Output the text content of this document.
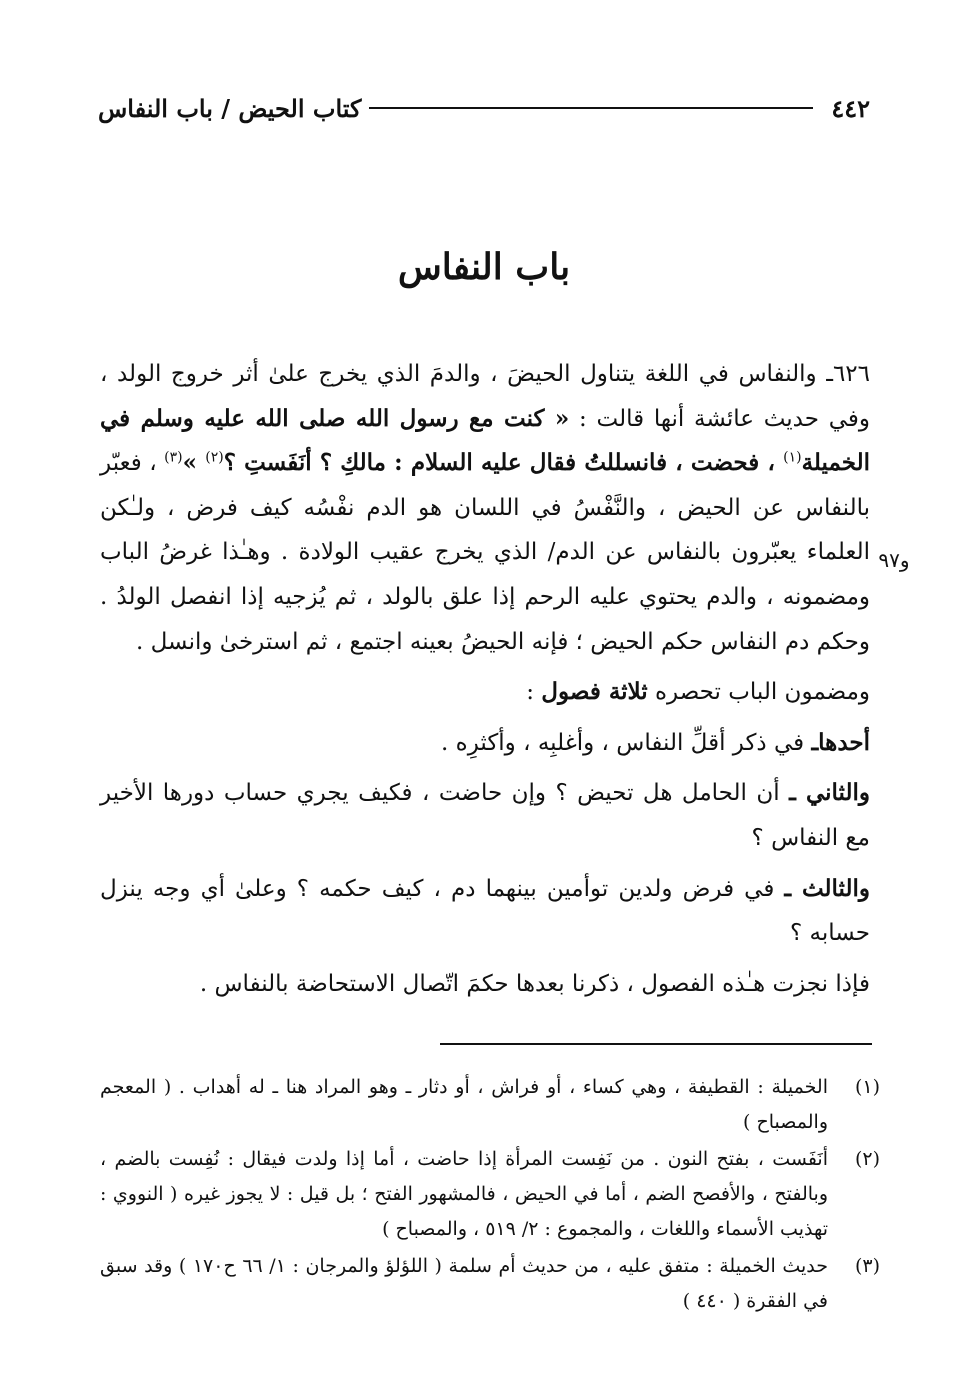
٤٤٢
كتاب الحيض / باب النفاس
باب النفاس
و٩٧

٦٢٦ـ والنفاس في اللغة يتناول الحيضَ ، والدمَ الذي يخرج علىٰ أثر خروج الولد ، وفي حديث عائشة أنها قالت : « كنت مع رسول الله صلى الله عليه وسلم في الخميلة$^{(١)}$ ، فحضت ، فانسللتُ فقال عليه السلام : مالكِ ؟ أنَفَستِ ؟$^{(٢)}$ »$^{(٣)}$ ، فعبّر بالنفاس عن الحيض ، والنَّفْسُ في اللسان هو الدم نفْسُه كيف فرض ، ولـٰكن العلماء يعبّرون بالنفاس عن الدم/ الذي يخرج عقيب الولادة . وهـٰذا غرضُ الباب ومضمونه ، والدم يحتوي عليه الرحم إذا علق بالولد ، ثم يُزجيه إذا انفصل الولدُ . وحكم دم النفاس حكم الحيض ؛ فإنه الحيضُ بعينه اجتمع ، ثم استرخىٰ وانسل .

ومضمون الباب تحصره ثلاثة فصول :

أحدهاـ في ذكر أقلِّ النفاس ، وأغلبِه ، وأكثرِه .

والثاني ـ أن الحامل هل تحيض ؟ وإن حاضت ، فكيف يجري حساب دورها الأخير مع النفاس ؟

والثالث ـ في فرض ولدين توأمين بينهما دم ، كيف حكمه ؟ وعلىٰ أي وجه ينزل حسابه ؟

فإذا نجزت هـٰذه الفصول ، ذكرنا بعدها حكمَ اتّصال الاستحاضة بالنفاس .

(١)
الخميلة : القطيفة ، وهي كساء ، أو فراش ، أو دثار ـ وهو المراد هنا ـ له أهداب . ( المعجم والمصباح )
(٢)
أنَفَست ، بفتح النون . من نَفِست المرأة إذا حاضت ، أما إذا ولدت فيقال : نُفِست بالضم ، وبالفتح ، والأفصح الضم ، أما في الحيض ، فالمشهور الفتح ؛ بل قيل : لا يجوز غيره ( النووي : تهذيب الأسماء واللغات ، والمجموع : ٢/ ٥١٩ ، والمصباح )
(٣)
حديث الخميلة : متفق عليه ، من حديث أم سلمة ( اللؤلؤ والمرجان : ١/ ٦٦ ح١٧٠ ) وقد سبق في الفقرة ( ٤٤٠ )
